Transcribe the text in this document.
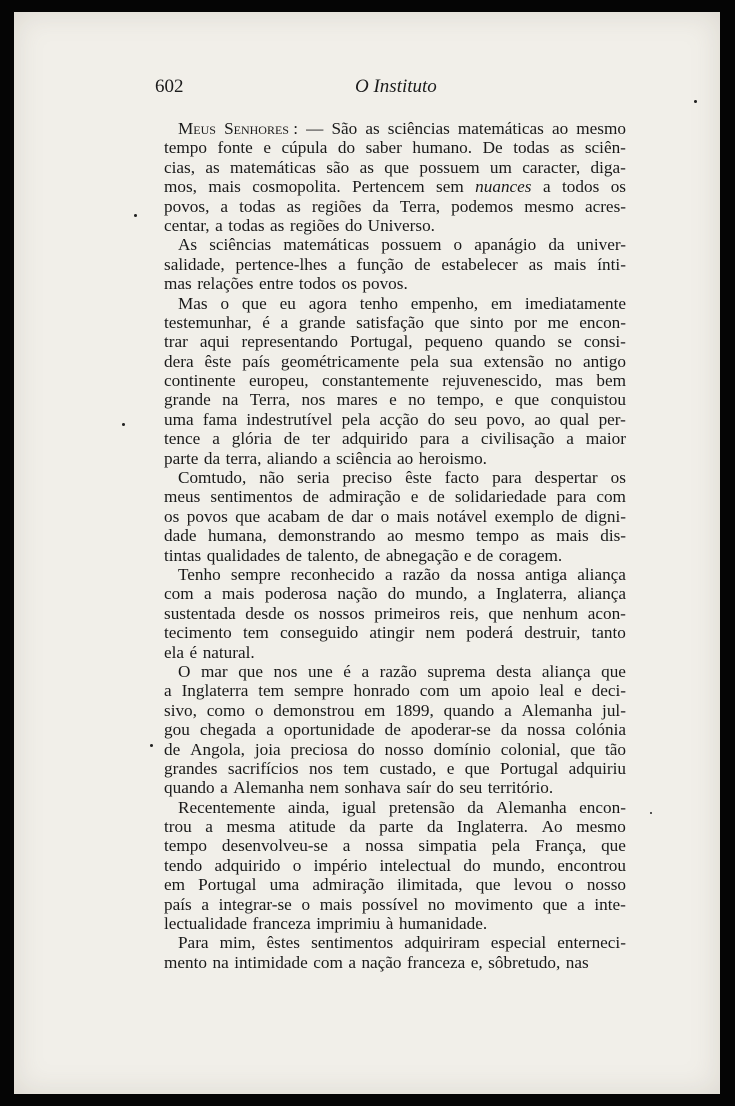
602	O Instituto
Meus Senhores : — São as sciências matemáticas ao mesmo
tempo fonte e cúpula do saber humano. De todas as sciên-
cias, as matemáticas são as que possuem um caracter, diga-
mos, mais cosmopolita. Pertencem sem nuances a todos os
povos, a todas as regiões da Terra, podemos mesmo acres-
centar, a todas as regiões do Universo.
As sciências matemáticas possuem o apanágio da univer-
salidade, pertence-lhes a função de estabelecer as mais ínti-
mas relações entre todos os povos.
Mas o que eu agora tenho empenho, em imediatamente
testemunhar, é a grande satisfação que sinto por me encon-
trar aqui representando Portugal, pequeno quando se consi-
dera êste país geométricamente pela sua extensão no antigo
continente europeu, constantemente rejuvenescido, mas bem
grande na Terra, nos mares e no tempo, e que conquistou
uma fama indestrutível pela acção do seu povo, ao qual per-
tence a glória de ter adquirido para a civilisação a maior
parte da terra, aliando a sciência ao heroismo.
Comtudo, não seria preciso êste facto para despertar os
meus sentimentos de admiração e de solidariedade para com
os povos que acabam de dar o mais notável exemplo de digni-
dade humana, demonstrando ao mesmo tempo as mais dis-
tintas qualidades de talento, de abnegação e de coragem.
Tenho sempre reconhecido a razão da nossa antiga aliança
com a mais poderosa nação do mundo, a Inglaterra, aliança
sustentada desde os nossos primeiros reis, que nenhum acon-
tecimento tem conseguido atingir nem poderá destruir, tanto
ela é natural.
O mar que nos une é a razão suprema desta aliança que
a Inglaterra tem sempre honrado com um apoio leal e deci-
sivo, como o demonstrou em 1899, quando a Alemanha jul-
gou chegada a oportunidade de apoderar-se da nossa colónia
de Angola, joia preciosa do nosso domínio colonial, que tão
grandes sacrifícios nos tem custado, e que Portugal adquiriu
quando a Alemanha nem sonhava saír do seu território.
Recentemente ainda, igual pretensão da Alemanha encon-
trou a mesma atitude da parte da Inglaterra. Ao mesmo
tempo desenvolveu-se a nossa simpatia pela França, que
tendo adquirido o império intelectual do mundo, encontrou
em Portugal uma admiração ilimitada, que levou o nosso
país a integrar-se o mais possível no movimento que a inte-
lectualidade franceza imprimiu à humanidade.
Para mim, êstes sentimentos adquiriram especial enterneci-
mento na intimidade com a nação franceza e, sôbretudo, nas
